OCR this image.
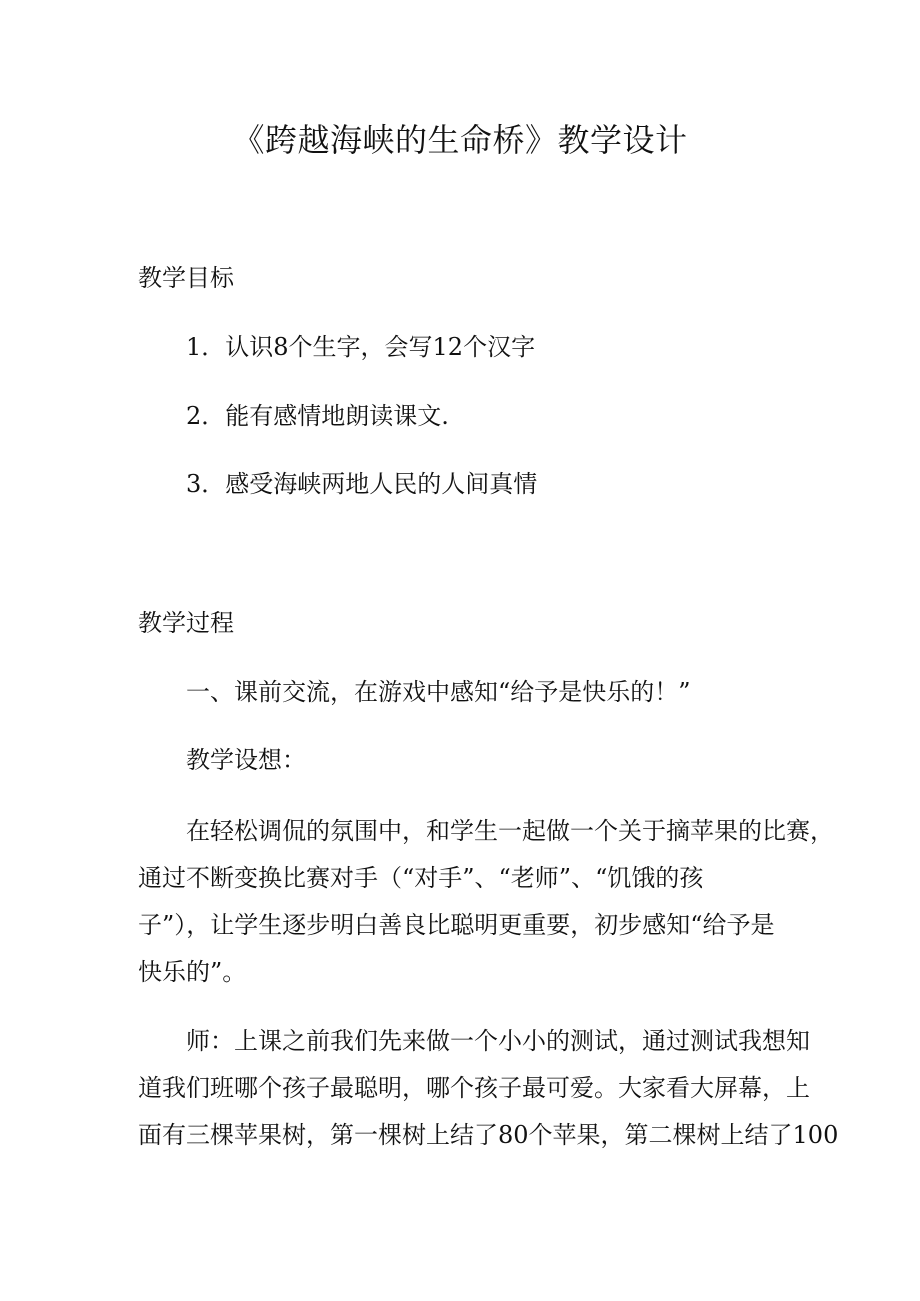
《跨越海峡的生命桥》教学设计
教学目标
1．认识8个生字，会写12个汉字
2．能有感情地朗读课文.
3．感受海峡两地人民的人间真情
教学过程
一、课前交流，在游戏中感知“给予是快乐的！”
教学设想：
在轻松调侃的氛围中，和学生一起做一个关于摘苹果的比赛，
通过不断变换比赛对手（“对手”、“老师”、“饥饿的孩
子”），让学生逐步明白善良比聪明更重要，初步感知“给予是
快乐的”。
师：上课之前我们先来做一个小小的测试，通过测试我想知
道我们班哪个孩子最聪明，哪个孩子最可爱。大家看大屏幕，上
面有三棵苹果树，第一棵树上结了80个苹果，第二棵树上结了100
